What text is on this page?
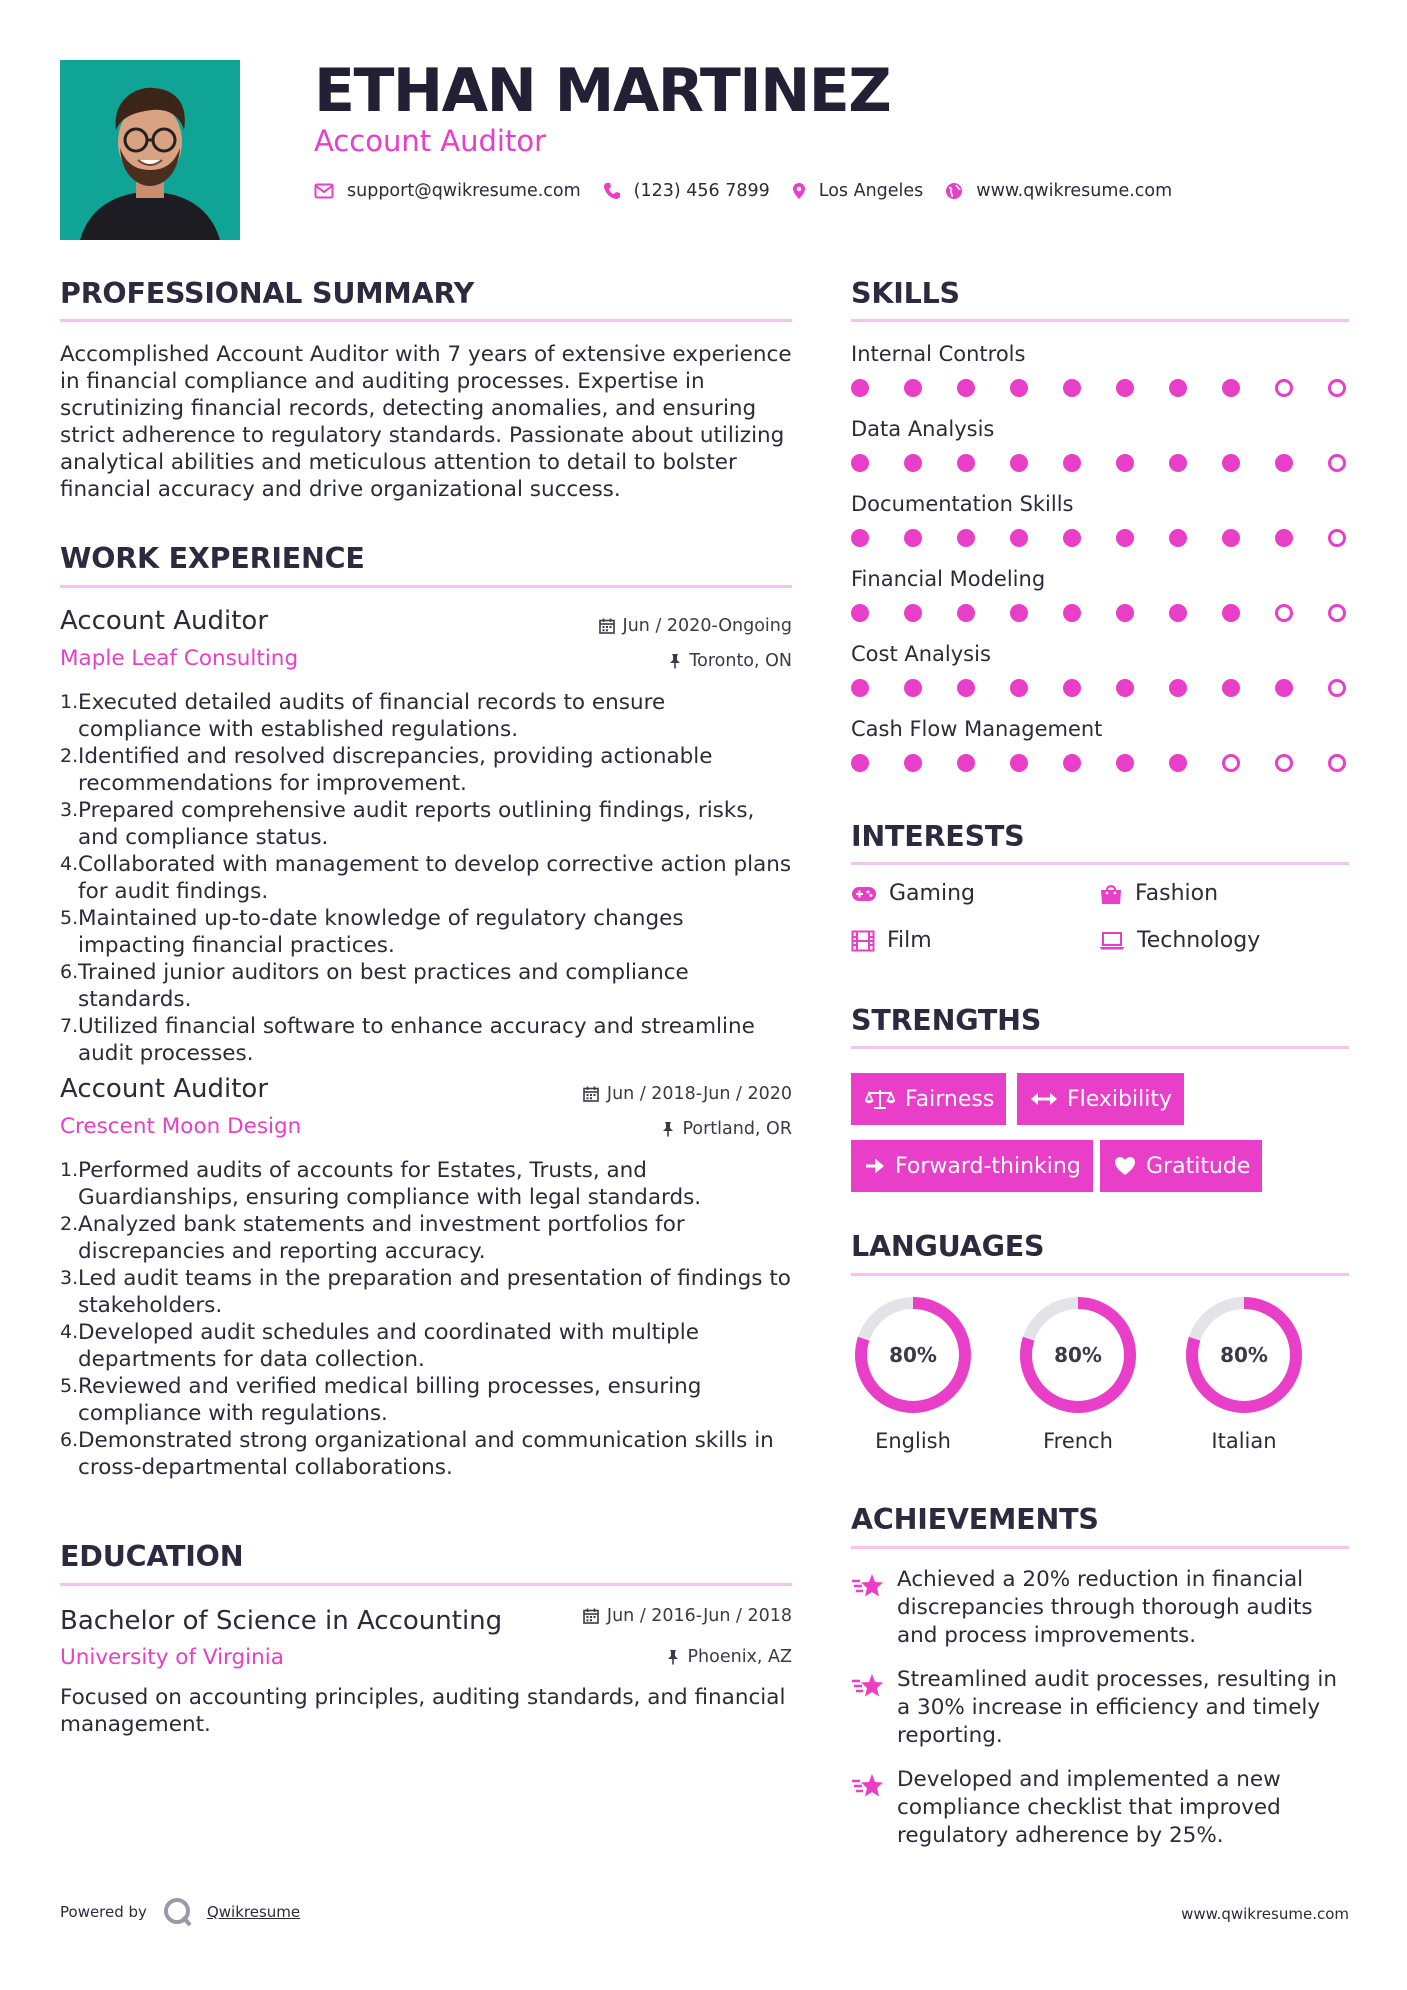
ETHAN MARTINEZ
Account Auditor
support@qwikresume.com	(123) 456 7899	Los Angeles	www.qwikresume.com
PROFESSIONAL SUMMARY
Accomplished Account Auditor with 7 years of extensive experience in financial compliance and auditing processes. Expertise in scrutinizing financial records, detecting anomalies, and ensuring strict adherence to regulatory standards. Passionate about utilizing analytical abilities and meticulous attention to detail to bolster financial accuracy and drive organizational success.
WORK EXPERIENCE
Account Auditor	Jun / 2020-Ongoing
Maple Leaf Consulting	Toronto, ON
Executed detailed audits of financial records to ensure compliance with established regulations.
Identified and resolved discrepancies, providing actionable recommendations for improvement.
Prepared comprehensive audit reports outlining findings, risks, and compliance status.
Collaborated with management to develop corrective action plans for audit findings.
Maintained up-to-date knowledge of regulatory changes impacting financial practices.
Trained junior auditors on best practices and compliance standards.
Utilized financial software to enhance accuracy and streamline audit processes.
Account Auditor	Jun / 2018-Jun / 2020
Crescent Moon Design	Portland, OR
Performed audits of accounts for Estates, Trusts, and Guardianships, ensuring compliance with legal standards.
Analyzed bank statements and investment portfolios for discrepancies and reporting accuracy.
Led audit teams in the preparation and presentation of findings to stakeholders.
Developed audit schedules and coordinated with multiple departments for data collection.
Reviewed and verified medical billing processes, ensuring compliance with regulations.
Demonstrated strong organizational and communication skills in cross-departmental collaborations.
EDUCATION
Bachelor of Science in Accounting	Jun / 2016-Jun / 2018
University of Virginia	Phoenix, AZ
Focused on accounting principles, auditing standards, and financial management.
SKILLS
Internal Controls
Data Analysis
Documentation Skills
Financial Modeling
Cost Analysis
Cash Flow Management
INTERESTS
Gaming	Fashion
Film	Technology
STRENGTHS
Fairness	Flexibility
Forward-thinking	Gratitude
LANGUAGES
80%
English
80%
French
80%
Italian
ACHIEVEMENTS
Achieved a 20% reduction in financial discrepancies through thorough audits and process improvements.
Streamlined audit processes, resulting in a 30% increase in efficiency and timely reporting.
Developed and implemented a new compliance checklist that improved regulatory adherence by 25%.
Powered by	Qwikresume	www.qwikresume.com
